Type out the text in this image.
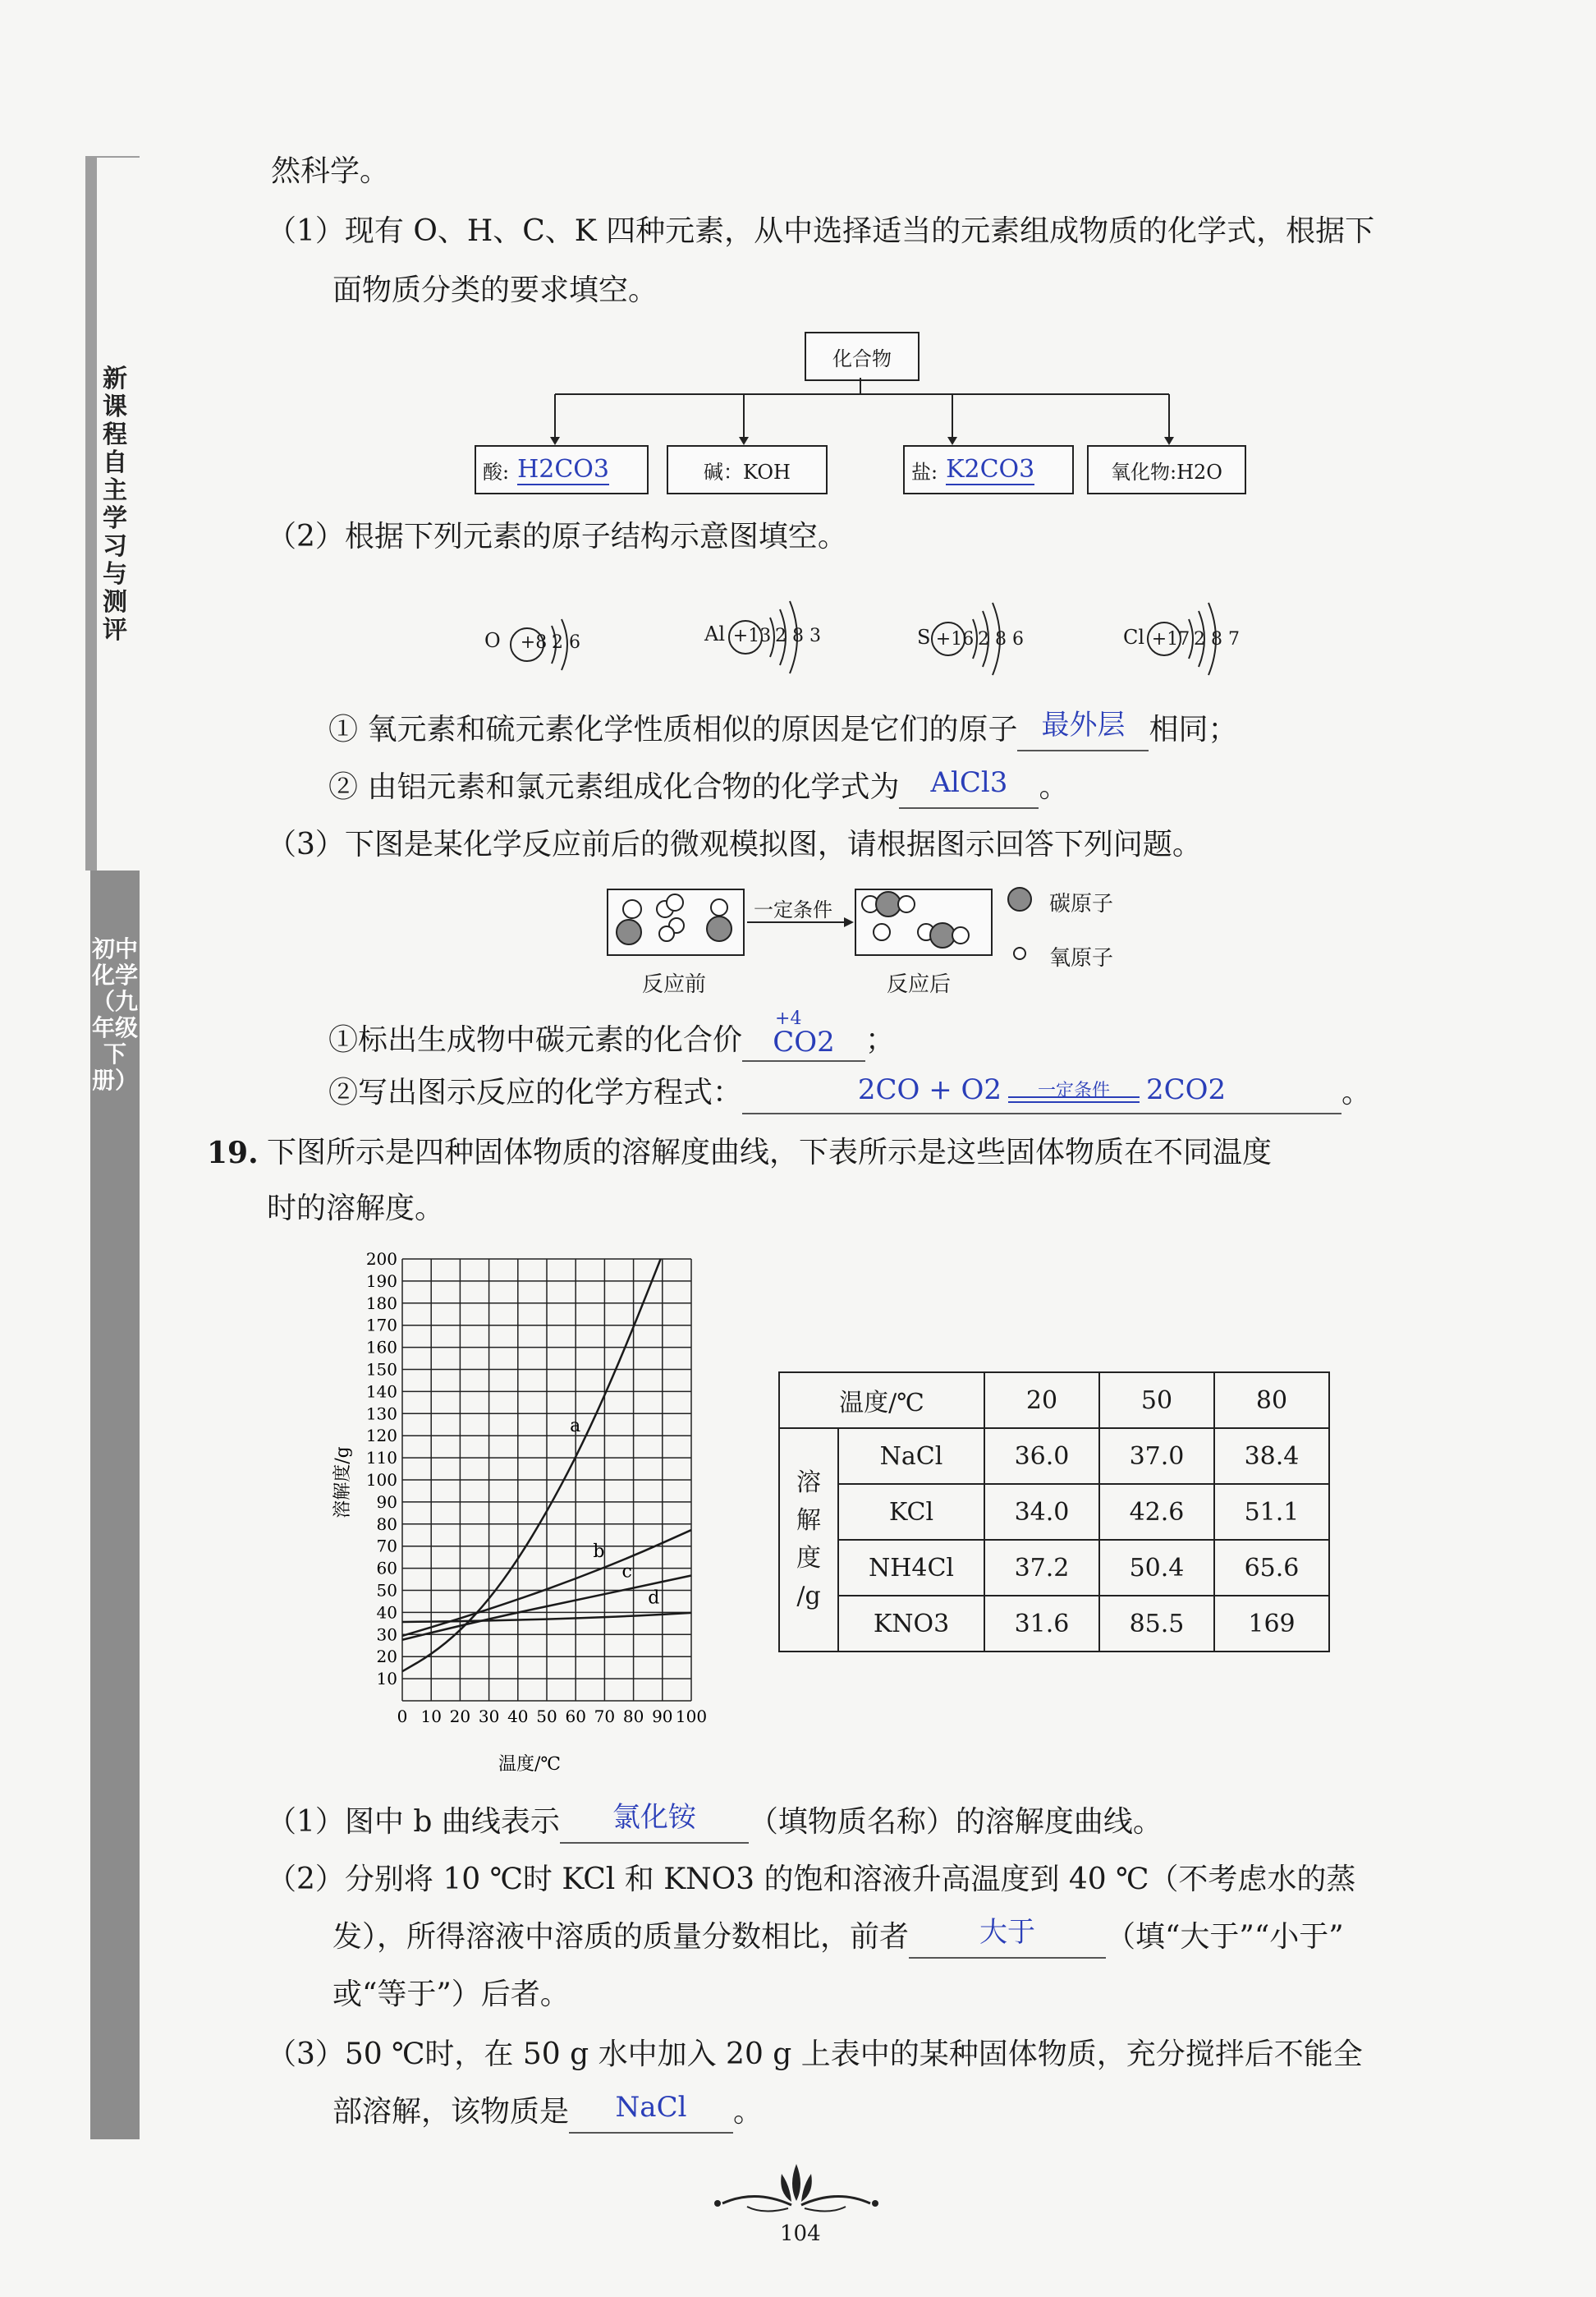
新课程自主学习与测评
初中化学（九年级下册）
然科学。
（1）现有 O、H、C、K 四种元素，从中选择适当的元素组成物质的化学式，根据下
面物质分类的要求填空。
化合物
酸: H2CO3	碱：KOH	盐: K2CO3	氧化物:H2O
（2）根据下列元素的原子结构示意图填空。
O +8 2 6	Al +13 2 8 3	S +16 2 8 6	Cl +17 2 8 7
① 氧元素和硫元素化学性质相似的原因是它们的原子 最外层 相同；
② 由铝元素和氯元素组成化合物的化学式为 AlCl3 。
（3）下图是某化学反应前后的微观模拟图，请根据图示回答下列问题。
一定条件
反应前	反应后
碳原子
氧原子
①标出生成物中碳元素的化合价
+4
CO2 ；
②写出图示反应的化学方程式：	2CO + O2	一定条件	2CO2	。
19. 下图所示是四种固体物质的溶解度曲线，下表所示是这些固体物质在不同温度
时的溶解度。
a
b
c
d
0 10 20 30 40 50 60 70 80 90 100
10
20
30
40
50
60
70
80
90
100
110
120
130
140
150
160
170
180
190
200
溶解度/g
温度/℃
温度/℃		20	50	80

溶
解
度
/g	NaCl	36.0	37.0	38.4
	KCl	34.0	42.6	51.1
	NH4Cl	37.2	50.4	65.6
	KNO3	31.6	85.5	169
（1）图中 b 曲线表示 氯化铵 （填物质名称）的溶解度曲线。
（2）分别将 10 ℃时 KCl 和 KNO3 的饱和溶液升高温度到 40 ℃（不考虑水的蒸
发），所得溶液中溶质的质量分数相比，前者	大于 （填“大于”“小于”
或“等于”）后者。
（3）50 ℃时，在 50 g 水中加入 20 g 上表中的某种固体物质，充分搅拌后不能全
部溶解，该物质是 NaCl 。
104
